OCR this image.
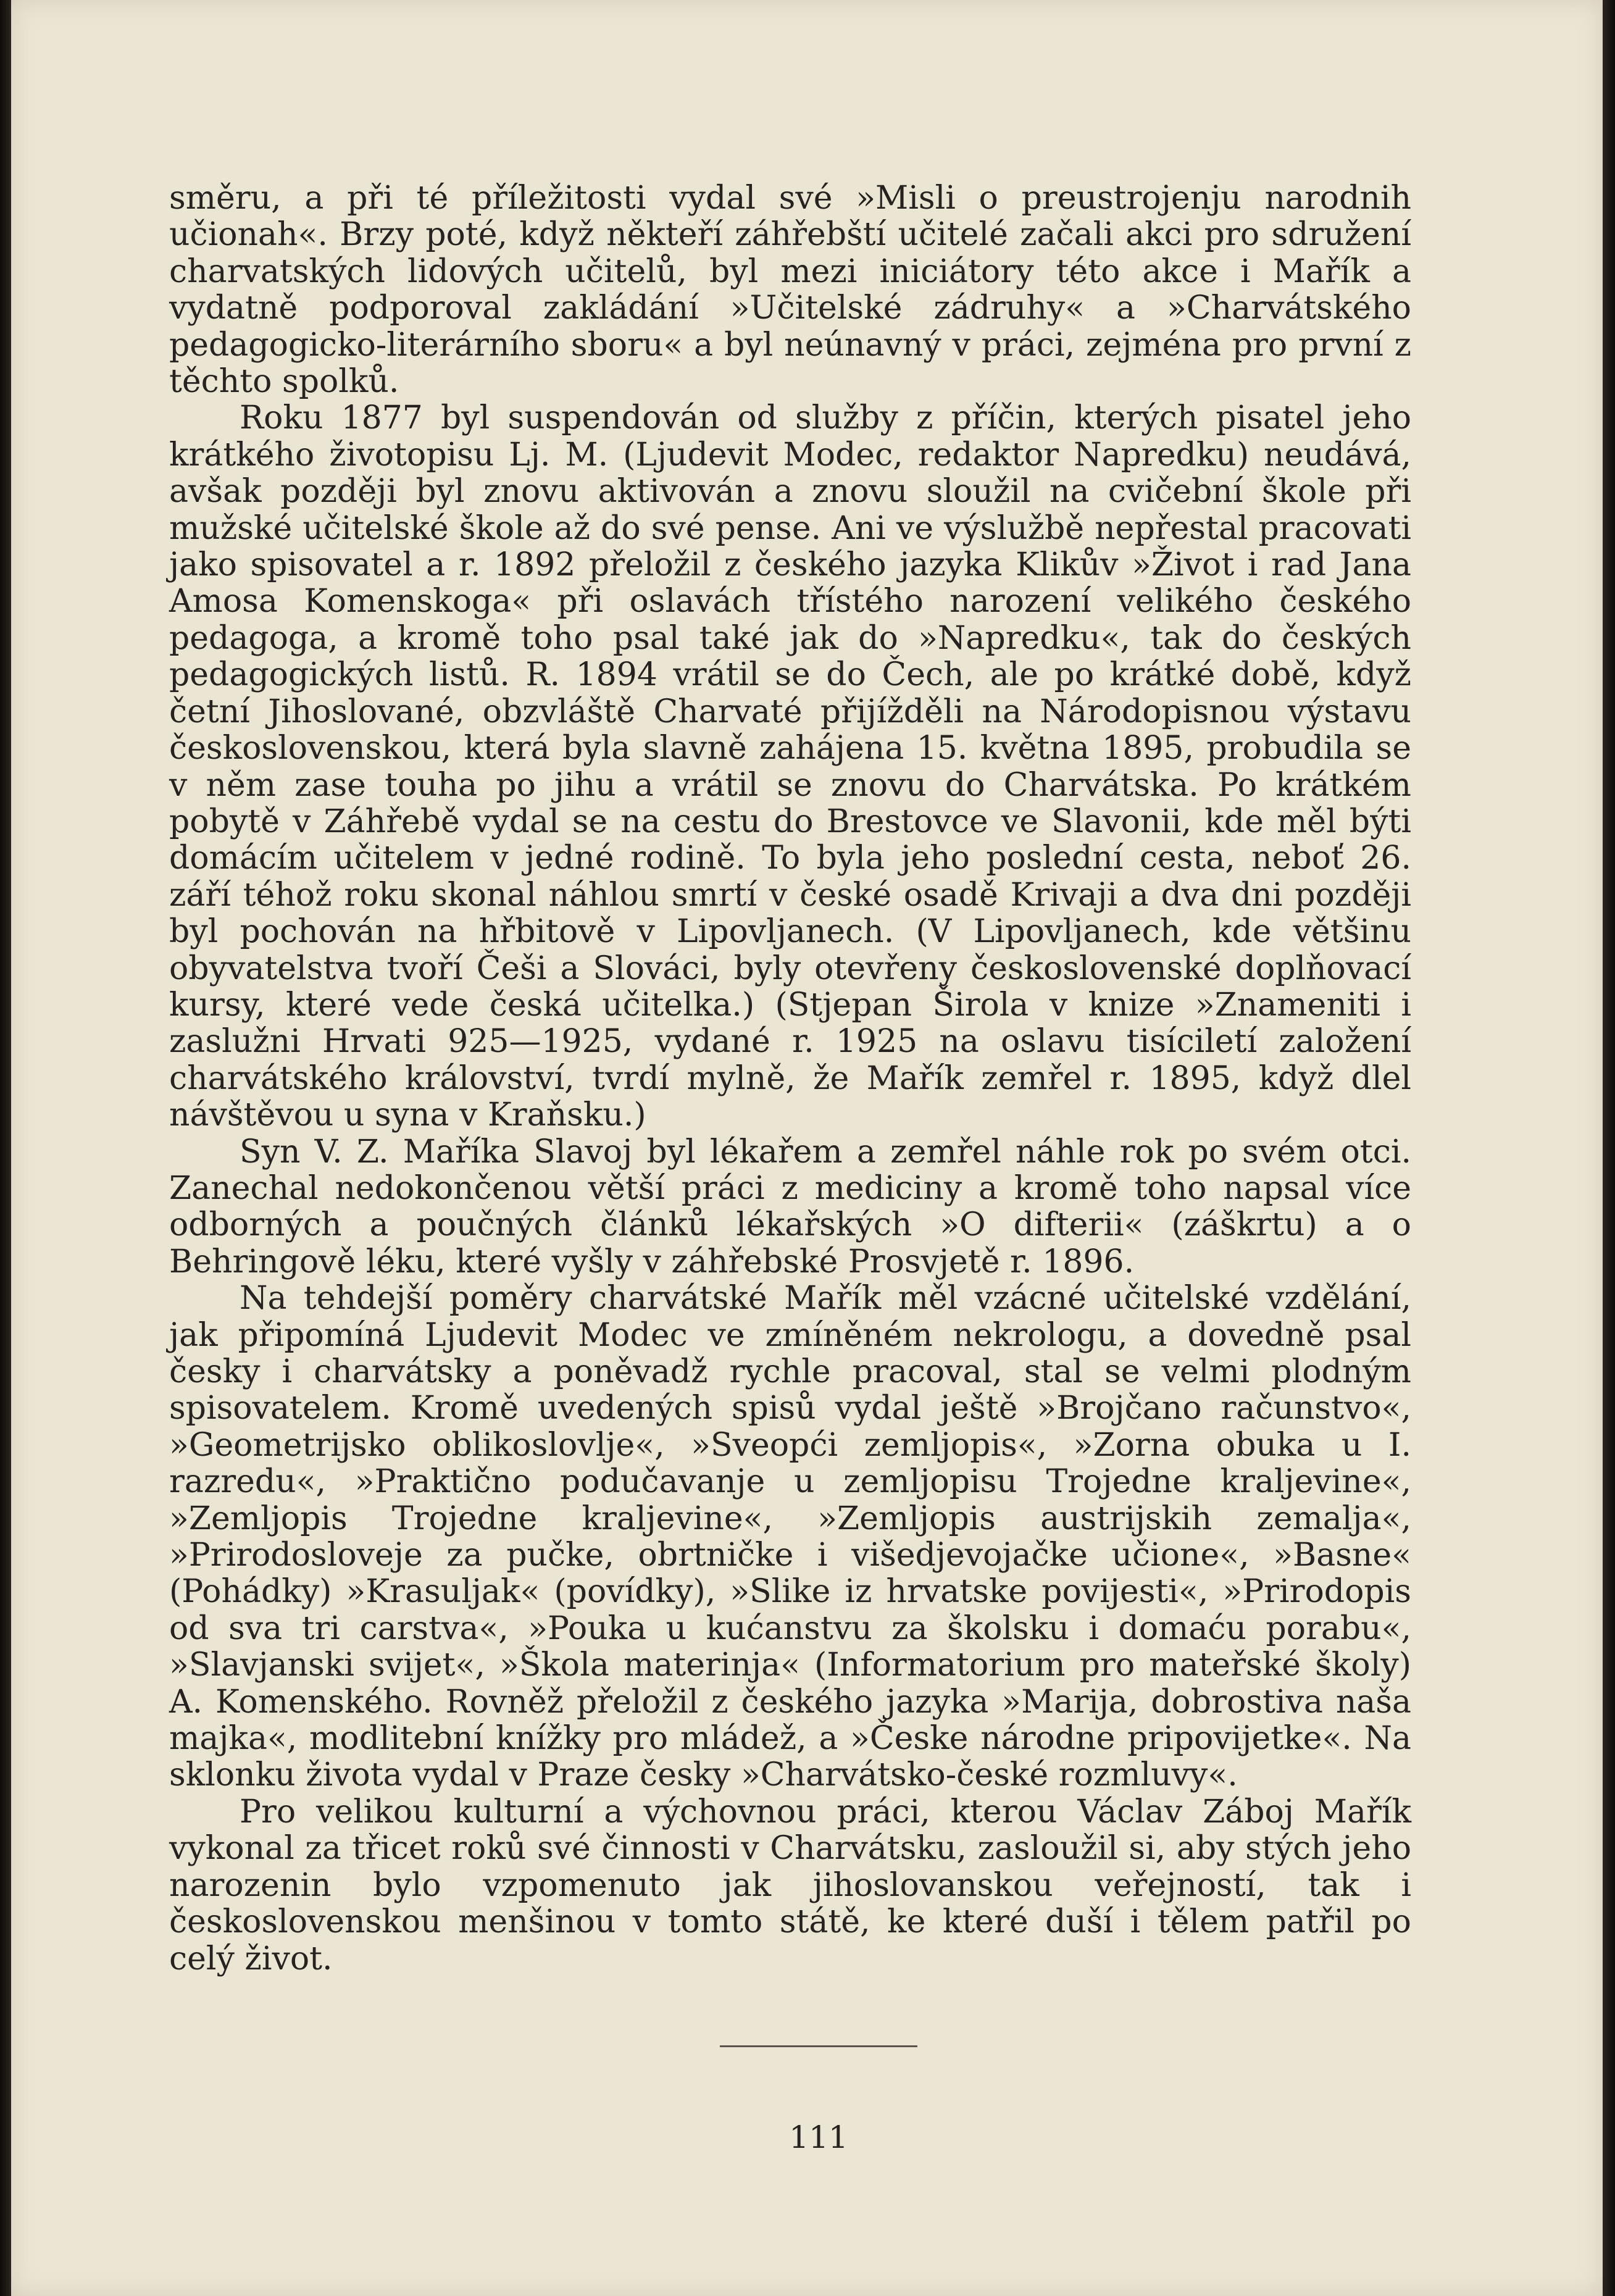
směru, a při té příležitosti vydal své »Misli o preustrojenju narodnih učionah«. Brzy poté, když někteří záhřebští učitelé začali akci pro sdružení charvatských lidových učitelů, byl mezi iniciátory této akce i Mařík a vydatně podporoval zakládání »Učitelské zádruhy« a »Charvátského pedagogicko-literárního sboru« a byl neúnavný v práci, zejména pro první z těchto spolků.

Roku 1877 byl suspendován od služby z příčin, kterých pisatel jeho krátkého životopisu Lj. M. (Ljudevit Modec, redaktor Napredku) neudává, avšak později byl znovu aktivován a znovu sloužil na cvičební škole při mužské učitelské škole až do své pense. Ani ve výslužbě nepřestal pracovati jako spisovatel a r. 1892 přeložil z českého jazyka Klikův »Život i rad Jana Amosa Komenskoga« při oslavách třístého narození velikého českého pedagoga, a kromě toho psal také jak do »Napredku«, tak do českých pedagogických listů. R. 1894 vrátil se do Čech, ale po krátké době, když četní Jihoslované, obzvláště Charvaté přijížděli na Národopisnou výstavu československou, která byla slavně zahájena 15. května 1895, probudila se v něm zase touha po jihu a vrátil se znovu do Charvátska. Po krátkém pobytě v Záhřebě vydal se na cestu do Brestovce ve Slavonii, kde měl býti domácím učitelem v jedné rodině. To byla jeho poslední cesta, neboť 26. září téhož roku skonal náhlou smrtí v české osadě Krivaji a dva dni později byl pochován na hřbitově v Lipovljanech. (V Lipovljanech, kde většinu obyvatelstva tvoří Češi a Slováci, byly otevřeny československé doplňovací kursy, které vede česká učitelka.) (Stjepan Širola v knize »Znameniti i zaslužni Hrvati 925—1925, vydané r. 1925 na oslavu tisíciletí založení charvátského království, tvrdí mylně, že Mařík zemřel r. 1895, když dlel návštěvou u syna v Kraňsku.)

Syn V. Z. Maříka Slavoj byl lékařem a zemřel náhle rok po svém otci. Zanechal nedokončenou větší práci z mediciny a kromě toho napsal více odborných a poučných článků lékařských »O difterii« (záškrtu) a o Behringově léku, které vyšly v záhřebské Prosvjetě r. 1896.

Na tehdejší poměry charvátské Mařík měl vzácné učitelské vzdělání, jak připomíná Ljudevit Modec ve zmíněném nekrologu, a dovedně psal česky i charvátsky a poněvadž rychle pracoval, stal se velmi plodným spisovatelem. Kromě uvedených spisů vydal ještě »Brojčano računstvo«, »Geometrijsko oblikoslovlje«, »Sveopći zemljopis«, »Zorna obuka u I. razredu«, »Praktično podučavanje u zemljopisu Trojedne kraljevine«, »Zemljopis Trojedne kraljevine«, »Zemljopis austrijskih zemalja«, »Prirodosloveje za pučke, obrtničke i višedjevojačke učione«, »Basne« (Pohádky) »Krasuljak« (povídky), »Slike iz hrvatske povijesti«, »Prirodopis od sva tri carstva«, »Pouka u kućanstvu za školsku i domaću porabu«, »Slavjanski svijet«, »Škola materinja« (Informatorium pro mateřské školy) A. Komenského. Rovněž přeložil z českého jazyka »Marija, dobrostiva naša majka«, modlitební knížky pro mládež, a »Česke národne pripovijetke«. Na sklonku života vydal v Praze česky »Charvátsko-české rozmluvy«.

Pro velikou kulturní a výchovnou práci, kterou Václav Záboj Mařík vykonal za třicet roků své činnosti v Charvátsku, zasloužil si, aby stých jeho narozenin bylo vzpomenuto jak jihoslovanskou veřejností, tak i československou menšinou v tomto státě, ke které duší i tělem patřil po celý život.

111
